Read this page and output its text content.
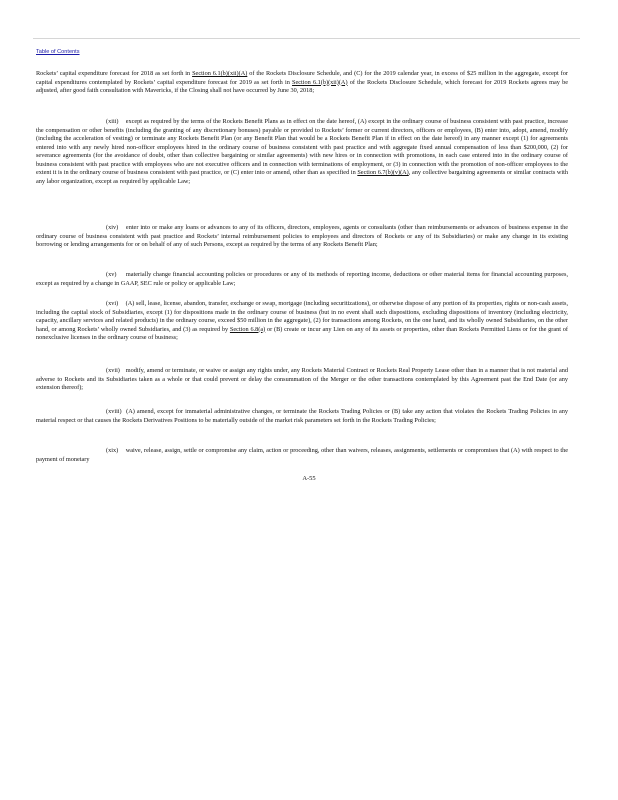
Table of Contents

Rockets’ capital expenditure forecast for 2018 as set forth in Section 6.1(b)(xii)(A) of the Rockets Disclosure Schedule, and (C) for the 2019 calendar year, in excess of $25 million in the aggregate, except for capital expenditures contemplated by Rockets’ capital expenditure forecast for 2019 as set forth in Section 6.1(b)(xii)(A) of the Rockets Disclosure Schedule, which forecast for 2019 Rockets agrees may be adjusted, after good faith consultation with Mavericks, if the Closing shall not have occurred by June 30, 2018;

(xiii) except as required by the terms of the Rockets Benefit Plans as in effect on the date hereof, (A) except in the ordinary course of business consistent with past practice, increase the compensation or other benefits (including the granting of any discretionary bonuses) payable or provided to Rockets’ former or current directors, officers or employees, (B) enter into, adopt, amend, modify (including the acceleration of vesting) or terminate any Rockets Benefit Plan (or any Benefit Plan that would be a Rockets Benefit Plan if in effect on the date hereof) in any manner except (1) for agreements entered into with any newly hired non-officer employees hired in the ordinary course of business consistent with past practice and with aggregate fixed annual compensation of less than $200,000, (2) for severance agreements (for the avoidance of doubt, other than collective bargaining or similar agreements) with new hires or in connection with promotions, in each case entered into in the ordinary course of business consistent with past practice with employees who are not executive officers and in connection with terminations of employment, or (3) in connection with the promotion of non-officer employees to the extent it is in the ordinary course of business consistent with past practice, or (C) enter into or amend, other than as specified in Section 6.7(b)(v)(A), any collective bargaining agreements or similar contracts with any labor organization, except as required by applicable Law;

(xiv) enter into or make any loans or advances to any of its officers, directors, employees, agents or consultants (other than reimbursements or advances of business expense in the ordinary course of business consistent with past practice and Rockets’ internal reimbursement policies to employees and directors of Rockets or any of its Subsidiaries) or make any change in its existing borrowing or lending arrangements for or on behalf of any of such Persons, except as required by the terms of any Rockets Benefit Plan;

(xv) materially change financial accounting policies or procedures or any of its methods of reporting income, deductions or other material items for financial accounting purposes, except as required by a change in GAAP, SEC rule or policy or applicable Law;

(xvi) (A) sell, lease, license, abandon, transfer, exchange or swap, mortgage (including securitizations), or otherwise dispose of any portion of its properties, rights or non-cash assets, including the capital stock of Subsidiaries, except (1) for dispositions made in the ordinary course of business (but in no event shall such dispositions, excluding dispositions of inventory (including electricity, capacity, ancillary services and related products) in the ordinary course, exceed $50 million in the aggregate), (2) for transactions among Rockets, on the one hand, and its wholly owned Subsidiaries, on the other hand, or among Rockets’ wholly owned Subsidiaries, and (3) as required by Section 6.8(a) or (B) create or incur any Lien on any of its assets or properties, other than Rockets Permitted Liens or for the grant of nonexclusive licenses in the ordinary course of business;

(xvii) modify, amend or terminate, or waive or assign any rights under, any Rockets Material Contract or Rockets Real Property Lease other than in a manner that is not material and adverse to Rockets and its Subsidiaries taken as a whole or that could prevent or delay the consummation of the Merger or the other transactions contemplated by this Agreement past the End Date (or any extension thereof);

(xviii) (A) amend, except for immaterial administrative changes, or terminate the Rockets Trading Policies or (B) take any action that violates the Rockets Trading Policies in any material respect or that causes the Rockets Derivatives Positions to be materially outside of the market risk parameters set forth in the Rockets Trading Policies;

(xix) waive, release, assign, settle or compromise any claim, action or proceeding, other than waivers, releases, assignments, settlements or compromises that (A) with respect to the payment of monetary

A-55
